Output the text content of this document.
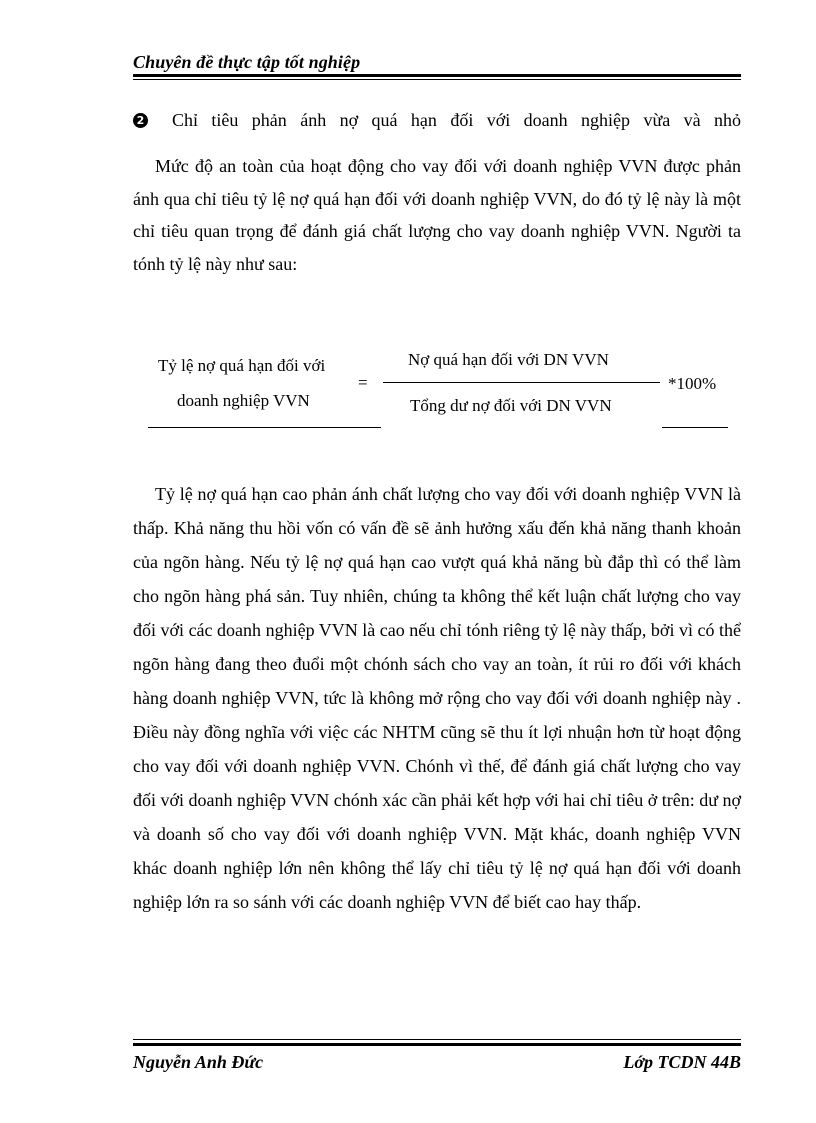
Chuyên đề thực tập tốt nghiệp
2 Chỉ tiêu phản ánh nợ quá hạn đối với doanh nghiệp vừa và nhỏ

Mức độ an toàn của hoạt động cho vay đối với doanh nghiệp VVN được phản ánh qua chỉ tiêu tỷ lệ nợ quá hạn đối với doanh nghiệp VVN, do đó tỷ lệ này là một chỉ tiêu quan trọng để đánh giá chất lượng cho vay doanh nghiệp VVN. Người ta tónh tỷ lệ này như sau:

Tỷ lệ nợ quá hạn đối với
doanh nghiệp VVN
=
Nợ quá hạn đối với DN VVN
Tổng dư nợ đối với DN VVN
*100%

Tỷ lệ nợ quá hạn cao phản ánh chất lượng cho vay đối với doanh nghiệp VVN là thấp. Khả năng thu hồi vốn có vấn đề sẽ ảnh hưởng xấu đến khả năng thanh khoản của ngõn hàng. Nếu tỷ lệ nợ quá hạn cao vượt quá khả năng bù đắp thì có thể làm cho ngõn hàng phá sản. Tuy nhiên, chúng ta không thể kết luận chất lượng cho vay đối với các doanh nghiệp VVN là cao nếu chỉ tónh riêng tỷ lệ này thấp, bởi vì có thể ngõn hàng đang theo đuổi một chónh sách cho vay an toàn, ít rủi ro đối với khách hàng doanh nghiệp VVN, tức là không mở rộng cho vay đối với doanh nghiệp này . Điều này đồng nghĩa với việc các NHTM cũng sẽ thu ít lợi nhuận hơn từ hoạt động cho vay đối với doanh nghiệp VVN. Chónh vì thế, để đánh giá chất lượng cho vay đối với doanh nghiệp VVN chónh xác cần phải kết hợp với hai chỉ tiêu ở trên: dư nợ và doanh số cho vay đối với doanh nghiệp VVN. Mặt khác, doanh nghiệp VVN khác doanh nghiệp lớn nên không thể lấy chỉ tiêu tỷ lệ nợ quá hạn đối với doanh nghiệp lớn ra so sánh với các doanh nghiệp VVN để biết cao hay thấp.

Nguyễn Anh Đức	Lớp TCDN 44B
